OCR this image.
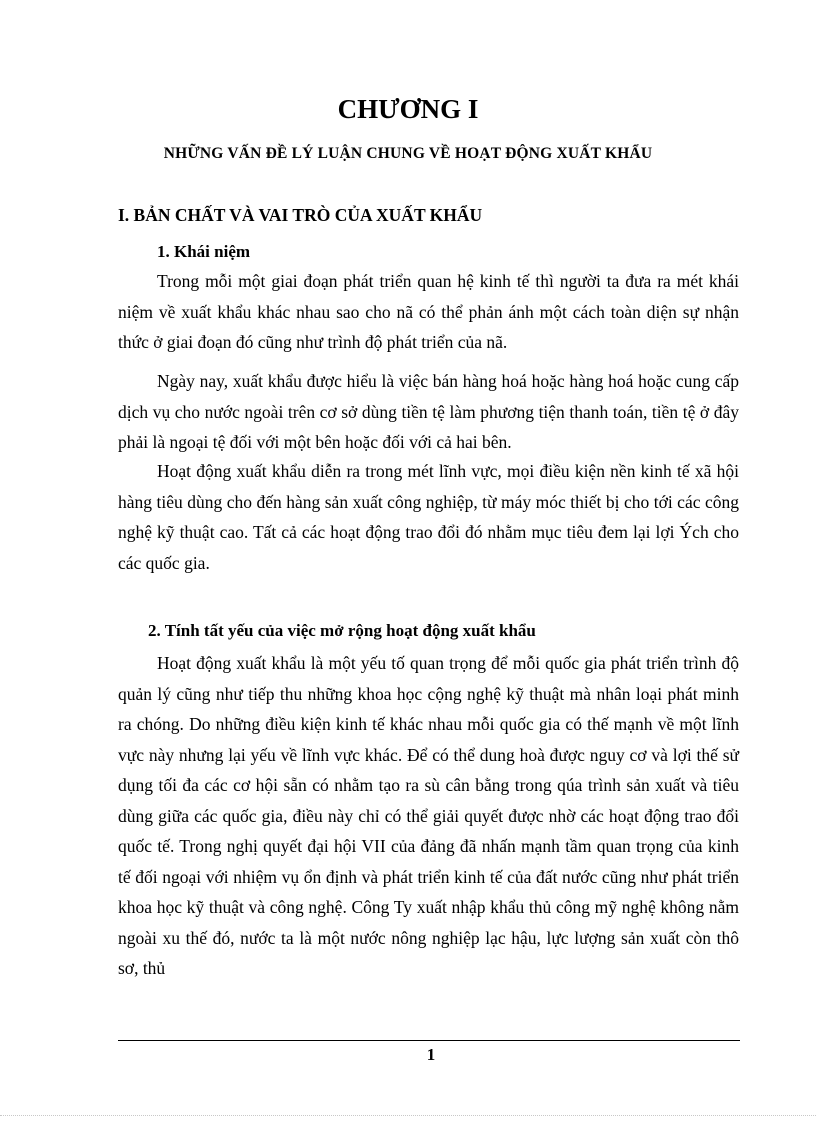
CHƯƠNG I
NHỮNG VẤN ĐỀ LÝ LUẬN CHUNG VỀ HOẠT ĐỘNG XUẤT KHẨU
I. BẢN CHẤT VÀ VAI TRÒ CỦA XUẤT KHẨU
1. Khái niệm

Trong mỗi một giai đoạn phát triển quan hệ kinh tế thì người ta đưa ra mét khái niệm về xuất khẩu khác nhau sao cho nã có thể phản ánh một cách toàn diện sự nhận thức ở giai đoạn đó cũng như trình độ phát triển của nã.

Ngày nay, xuất khẩu được hiểu là việc bán hàng hoá hoặc hàng hoá hoặc cung cấp dịch vụ cho nước ngoài trên cơ sở dùng tiền tệ làm phương tiện thanh toán, tiền tệ ở đây phải là ngoại tệ đối với một bên hoặc đối với cả hai bên.

Hoạt động xuất khẩu diễn ra trong mét lĩnh vực, mọi điều kiện nền kinh tế xã hội hàng tiêu dùng cho đến hàng sản xuất công nghiệp, từ máy móc thiết bị cho tới các công nghệ kỹ thuật cao. Tất cả các hoạt động trao đổi đó nhằm mục tiêu đem lại lợi Ých cho các quốc gia.

2. Tính tất yếu của việc mở rộng hoạt động xuất khẩu

Hoạt động xuất khẩu là một yếu tố quan trọng để mỗi quốc gia phát triển trình độ quản lý cũng như tiếp thu những khoa học cộng nghệ kỹ thuật mà nhân loại phát minh ra chóng. Do những điều kiện kinh tế khác nhau mỗi quốc gia có thế mạnh về một lĩnh vực này nhưng lại yếu về lĩnh vực khác. Để có thể dung hoà được nguy cơ và lợi thế sử dụng tối đa các cơ hội sẵn có nhằm tạo ra sù cân bằng trong qúa trình sản xuất và tiêu dùng giữa các quốc gia, điều này chỉ có thể giải quyết được nhờ các hoạt động trao đổi quốc tế. Trong nghị quyết đại hội VII của đảng đã nhấn mạnh tầm quan trọng của kinh tế đối ngoại với nhiệm vụ ổn định và phát triển kinh tế của đất nước cũng như phát triển khoa học kỹ thuật và công nghệ. Công Ty xuất nhập khẩu thủ công mỹ nghệ không nằm ngoài xu thế đó, nước ta là một nước nông nghiệp lạc hậu, lực lượng sản xuất còn thô sơ, thủ

1
